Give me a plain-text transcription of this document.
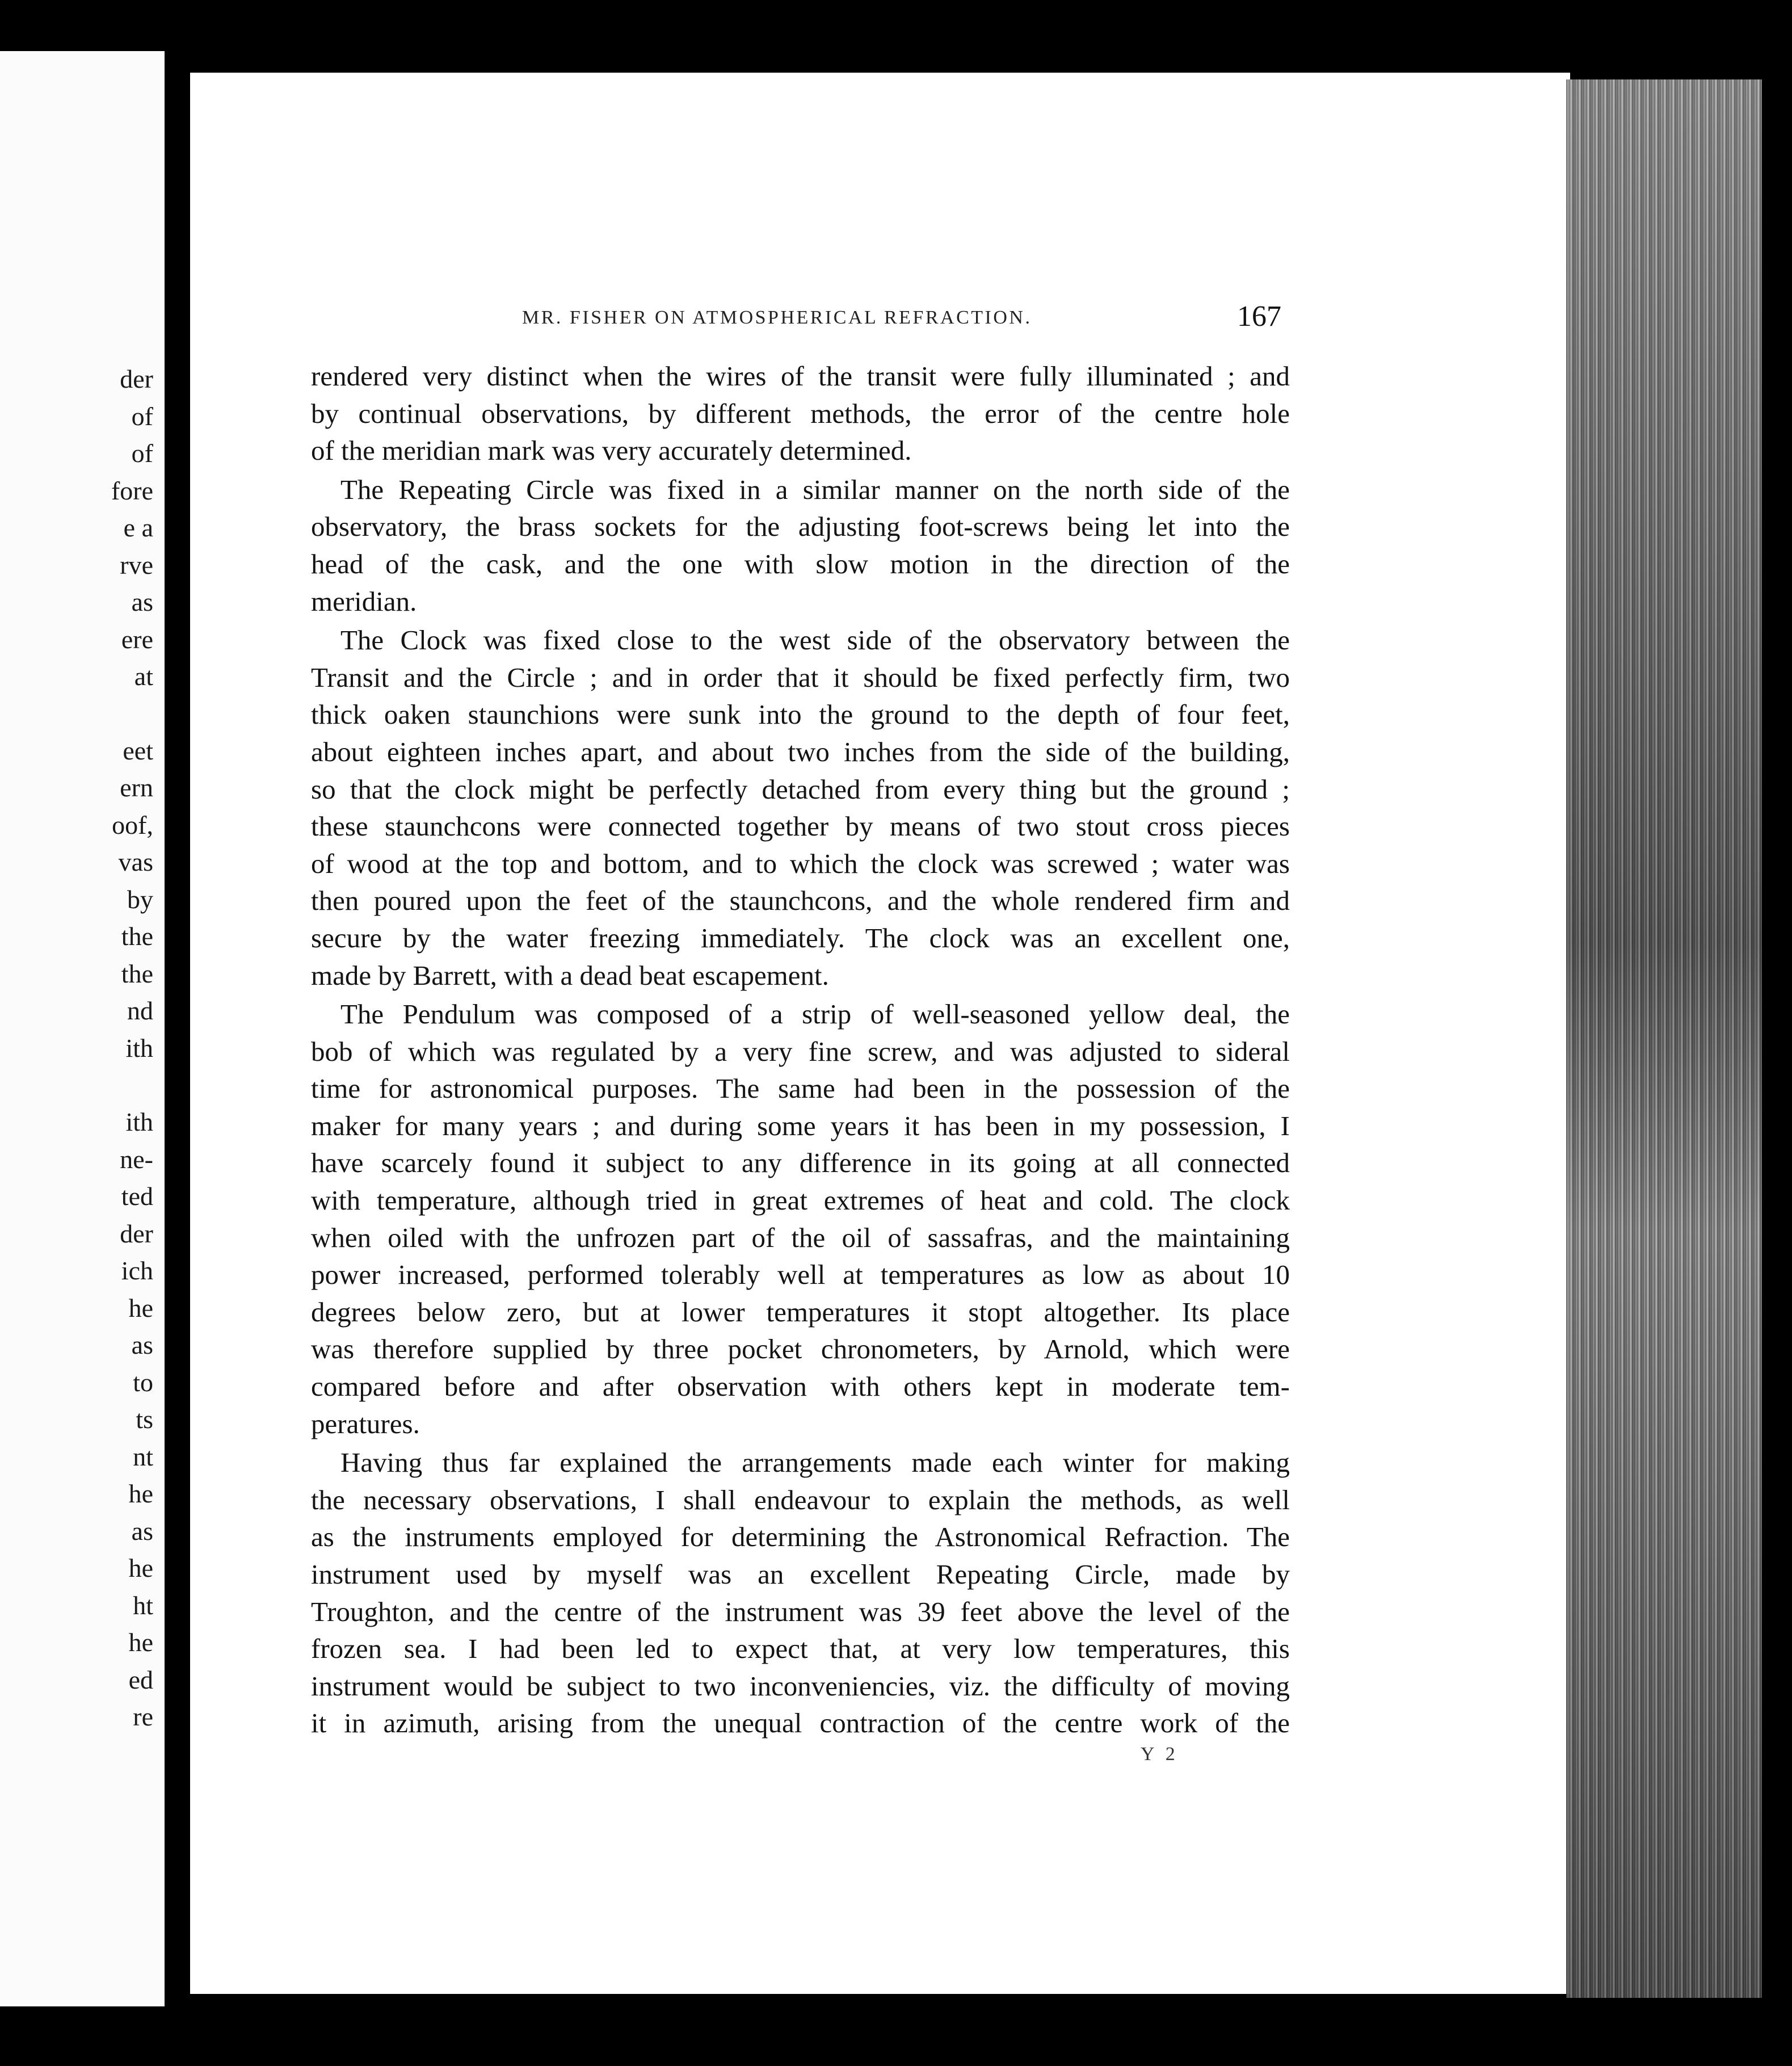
der
of
of
fore
e a
rve
as
ere
at
eet
ern
oof,
vas
by
the
the
nd
ith
ith
ne-
ted
der
ich
he
as
to
ts
nt
he
as
he
ht
he
ed
re
MR. FISHER ON ATMOSPHERICAL REFRACTION.	167
rendered very distinct when the wires of the transit were fully illuminated ; and
by continual observations, by different methods, the error of the centre hole
of the meridian mark was very accurately determined.
The Repeating Circle was fixed in a similar manner on the north side of the
observatory, the brass sockets for the adjusting foot-screws being let into the
head of the cask, and the one with slow motion in the direction of the
meridian.
The Clock was fixed close to the west side of the observatory between the
Transit and the Circle ; and in order that it should be fixed perfectly firm, two
thick oaken staunchions were sunk into the ground to the depth of four feet,
about eighteen inches apart, and about two inches from the side of the building,
so that the clock might be perfectly detached from every thing but the ground ;
these staunchcons were connected together by means of two stout cross pieces
of wood at the top and bottom, and to which the clock was screwed ; water was
then poured upon the feet of the staunchcons, and the whole rendered firm and
secure by the water freezing immediately. The clock was an excellent one,
made by Barrett, with a dead beat escapement.
The Pendulum was composed of a strip of well-seasoned yellow deal, the
bob of which was regulated by a very fine screw, and was adjusted to sideral
time for astronomical purposes. The same had been in the possession of the
maker for many years ; and during some years it has been in my possession, I
have scarcely found it subject to any difference in its going at all connected
with temperature, although tried in great extremes of heat and cold. The clock
when oiled with the unfrozen part of the oil of sassafras, and the maintaining
power increased, performed tolerably well at temperatures as low as about 10
degrees below zero, but at lower temperatures it stopt altogether. Its place
was therefore supplied by three pocket chronometers, by Arnold, which were
compared before and after observation with others kept in moderate tem-
peratures.
Having thus far explained the arrangements made each winter for making
the necessary observations, I shall endeavour to explain the methods, as well
as the instruments employed for determining the Astronomical Refraction. The
instrument used by myself was an excellent Repeating Circle, made by
Troughton, and the centre of the instrument was 39 feet above the level of the
frozen sea. I had been led to expect that, at very low temperatures, this
instrument would be subject to two inconveniencies, viz. the difficulty of moving
it in azimuth, arising from the unequal contraction of the centre work of the
Y 2
